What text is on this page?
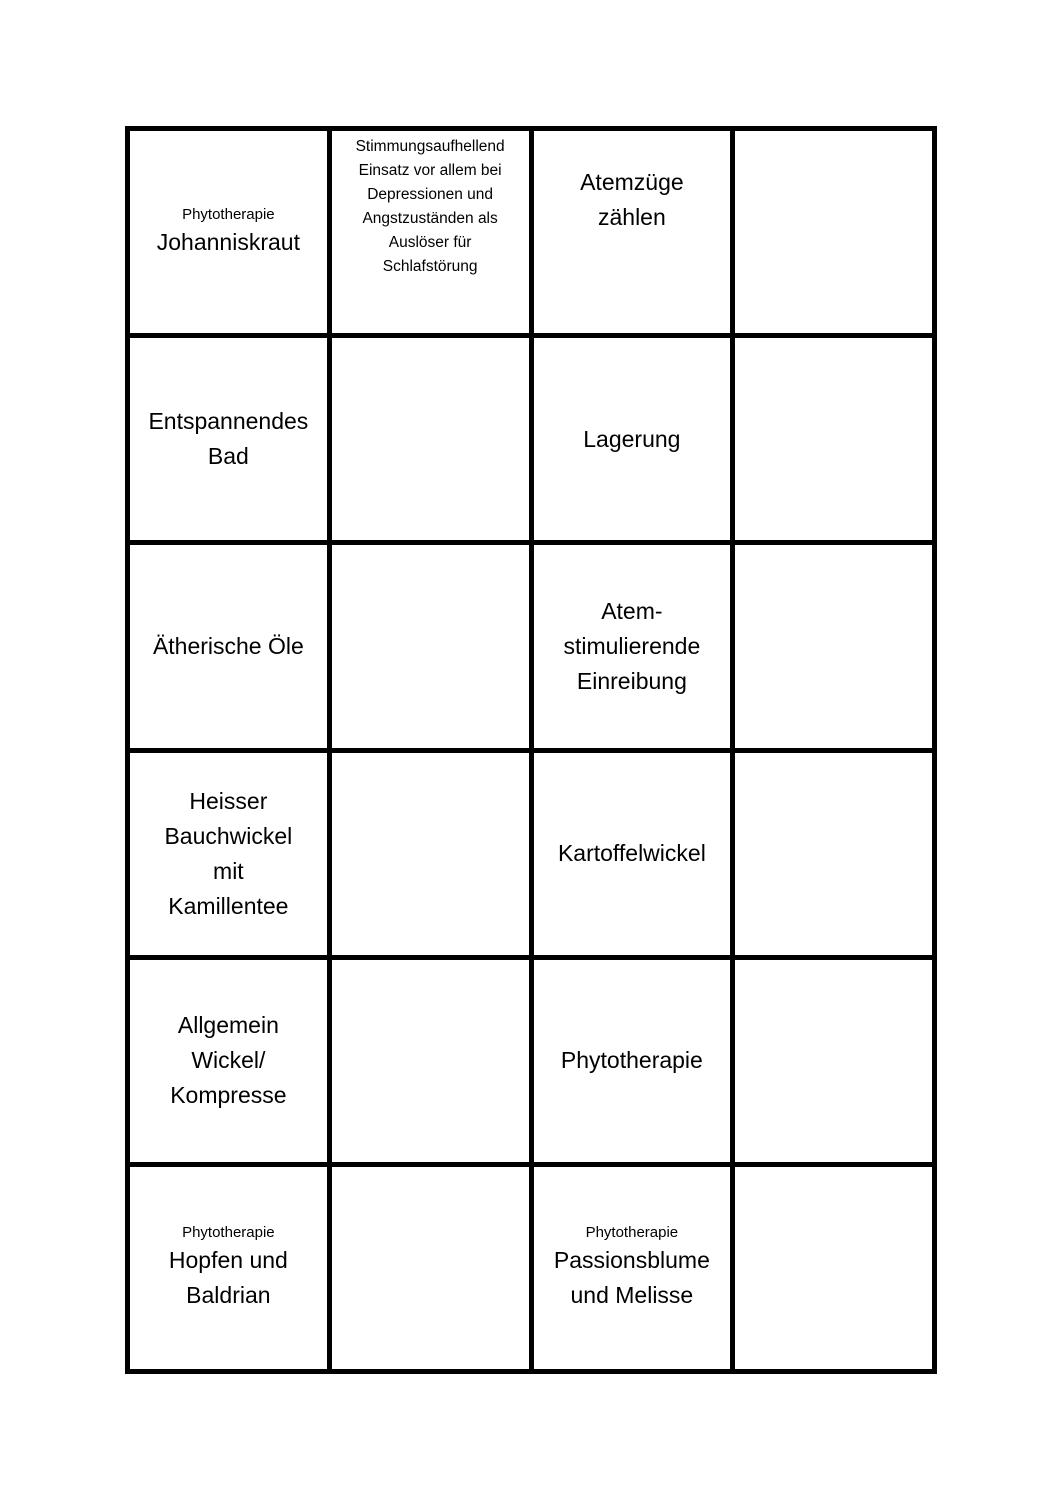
Phytotherapie
Johanniskraut
Stimmungsaufhellend Einsatz vor allem bei Depressionen und Angstzuständen als Auslöser für Schlafstörung
Atemzüge zählen
Entspannendes Bad
Lagerung
Ätherische Öle
Atem-stimulierende Einreibung
Heisser Bauchwickel mit Kamillentee
Kartoffelwickel
Allgemein Wickel/ Kompresse
Phytotherapie
Phytotherapie
Hopfen und Baldrian
Phytotherapie
Passionsblume und Melisse
